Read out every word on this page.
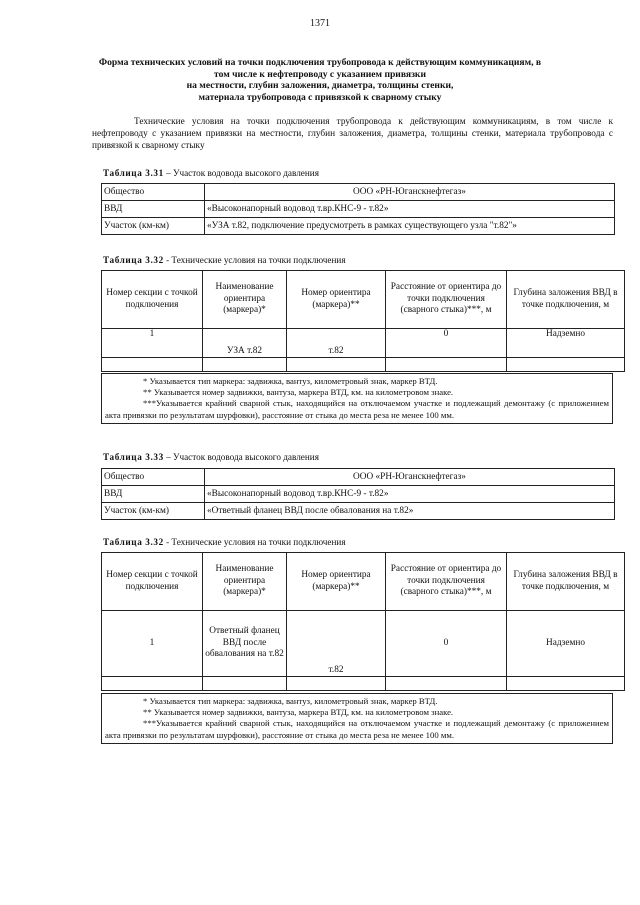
1371
Форма технических условий на точки подключения трубопровода к действующим коммуникациям, в
том числе к нефтепроводу с указанием привязки
на местности, глубин заложения, диаметра, толщины стенки,
материала трубопровода с привязкой к сварному стыку
Технические условия на точки подключения трубопровода к действующим коммуникациям, в том числе к нефтепроводу с указанием привязки на местности, глубин заложения, диаметра, толщины стенки, материала трубопровода с привязкой к сварному стыку
Таблица 3.31 – Участок водовода высокого давления
Общество	ООО «РН-Юганскнефтегаз»
ВВД	«Высоконапорный водовод т.вр.КНС-9 - т.82»
Участок (км-км)	«УЗА т.82, подключение предусмотреть в рамках существующего узла "т.82"»
Таблица 3.32 - Технические условия на точки подключения
Номер секции с точкой подключения	Наименование ориентира (маркера)*	Номер ориентира (маркера)**	Расстояние от ориентира до точки подключения (сварного стыка)***, м	Глубина заложения ВВД в точке подключения, м
1	УЗА т.82	т.82	0	Надземно

* Указывается тип маркера: задвижка, вантуз, километровый знак, маркер ВТД.

** Указывается номер задвижки, вантуза, маркера ВТД, км. на километровом знаке.

***Указывается крайний сварной стык, находящийся на отключаемом участке и подлежащий демонтажу (с приложением акта привязки по результатам шурфовки), расстояние от стыка до места реза не менее 100 мм.

Таблица 3.33 – Участок водовода высокого давления
Общество	ООО «РН-Юганскнефтегаз»
ВВД	«Высоконапорный водовод т.вр.КНС-9 - т.82»
Участок (км-км)	«Ответный фланец ВВД после обвалования на т.82»
Таблица 3.32 - Технические условия на точки подключения
Номер секции с точкой подключения	Наименование ориентира (маркера)*	Номер ориентира (маркера)**	Расстояние от ориентира до точки подключения (сварного стыка)***, м	Глубина заложения ВВД в точке подключения, м
1	Ответный фланец ВВД после обвалования на т.82	т.82	0	Надземно

* Указывается тип маркера: задвижка, вантуз, километровый знак, маркер ВТД.

** Указывается номер задвижки, вантуза, маркера ВТД, км. на километровом знаке.

***Указывается крайний сварной стык, находящийся на отключаемом участке и подлежащий демонтажу (с приложением акта привязки по результатам шурфовки), расстояние от стыка до места реза не менее 100 мм.
